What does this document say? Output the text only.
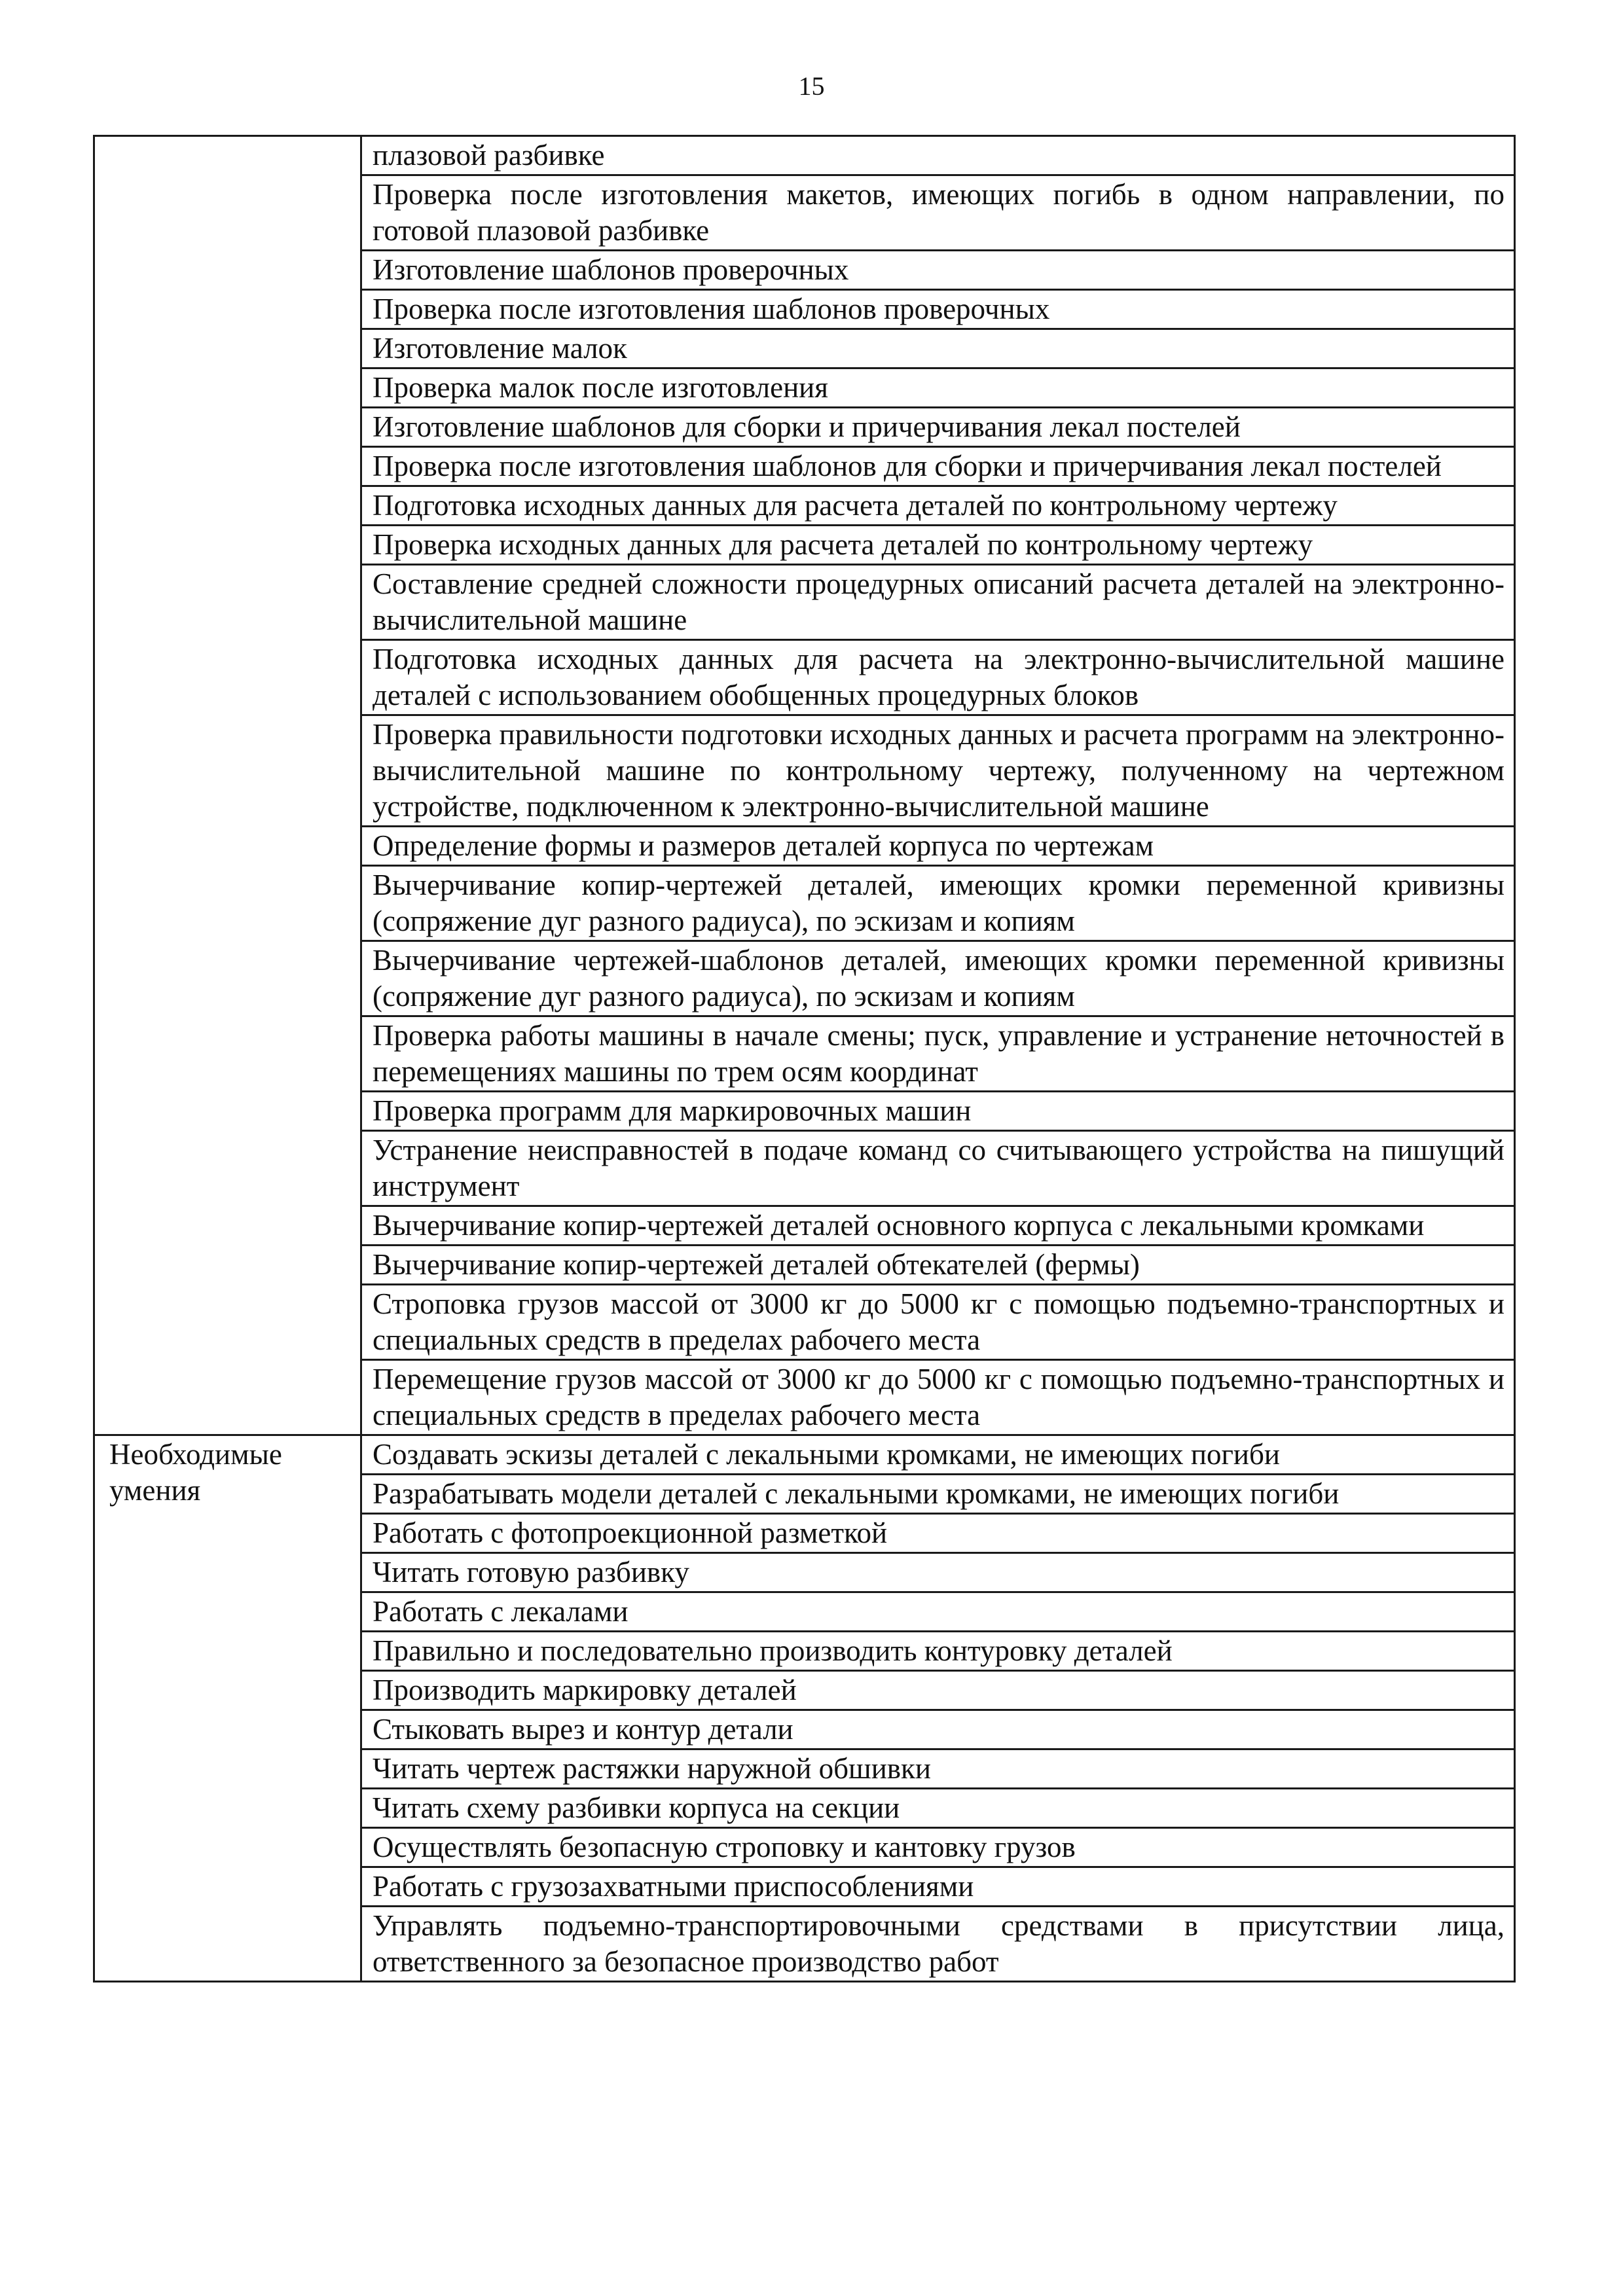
15
	плазовой разбивке
	Проверка после изготовления макетов, имеющих погибь в одном направлении, по готовой плазовой разбивке
	Изготовление шаблонов проверочных
	Проверка после изготовления шаблонов проверочных
	Изготовление малок
	Проверка малок после изготовления
	Изготовление шаблонов для сборки и причерчивания лекал постелей
	Проверка после изготовления шаблонов для сборки и причерчивания лекал постелей
	Подготовка исходных данных для расчета деталей по контрольному чертежу
	Проверка исходных данных для расчета деталей по контрольному чертежу
	Составление средней сложности процедурных описаний расчета деталей на электронно-вычислительной машине
	Подготовка исходных данных для расчета на электронно-вычислительной машине деталей с использованием обобщенных процедурных блоков
	Проверка правильности подготовки исходных данных и расчета программ на электронно-вычислительной машине по контрольному чертежу, полученному на чертежном устройстве, подключенном к электронно-вычислительной машине
	Определение формы и размеров деталей корпуса по чертежам
	Вычерчивание копир-чертежей деталей, имеющих кромки переменной кривизны (сопряжение дуг разного радиуса), по эскизам и копиям
	Вычерчивание чертежей-шаблонов деталей, имеющих кромки переменной кривизны (сопряжение дуг разного радиуса), по эскизам и копиям
	Проверка работы машины в начале смены; пуск, управление и устранение неточностей в перемещениях машины по трем осям координат
	Проверка программ для маркировочных машин
	Устранение неисправностей в подаче команд со считывающего устройства на пишущий инструмент
	Вычерчивание копир-чертежей деталей основного корпуса с лекальными кромками
	Вычерчивание копир-чертежей деталей обтекателей (фермы)
	Строповка грузов массой от 3000 кг до 5000 кг с помощью подъемно-транспортных и специальных средств в пределах рабочего места
	Перемещение грузов массой от 3000 кг до 5000 кг с помощью подъемно-транспортных и специальных средств в пределах рабочего места
Необходимые умения	Создавать эскизы деталей с лекальными кромками, не имеющих погиби
	Разрабатывать модели деталей с лекальными кромками, не имеющих погиби
	Работать с фотопроекционной разметкой
	Читать готовую разбивку
	Работать с лекалами
	Правильно и последовательно производить контуровку деталей
	Производить маркировку деталей
	Стыковать вырез и контур детали
	Читать чертеж растяжки наружной обшивки
	Читать схему разбивки корпуса на секции
	Осуществлять безопасную строповку и кантовку грузов
	Работать с грузозахватными приспособлениями
	Управлять подъемно-транспортировочными средствами в присутствии лица, ответственного за безопасное производство работ
